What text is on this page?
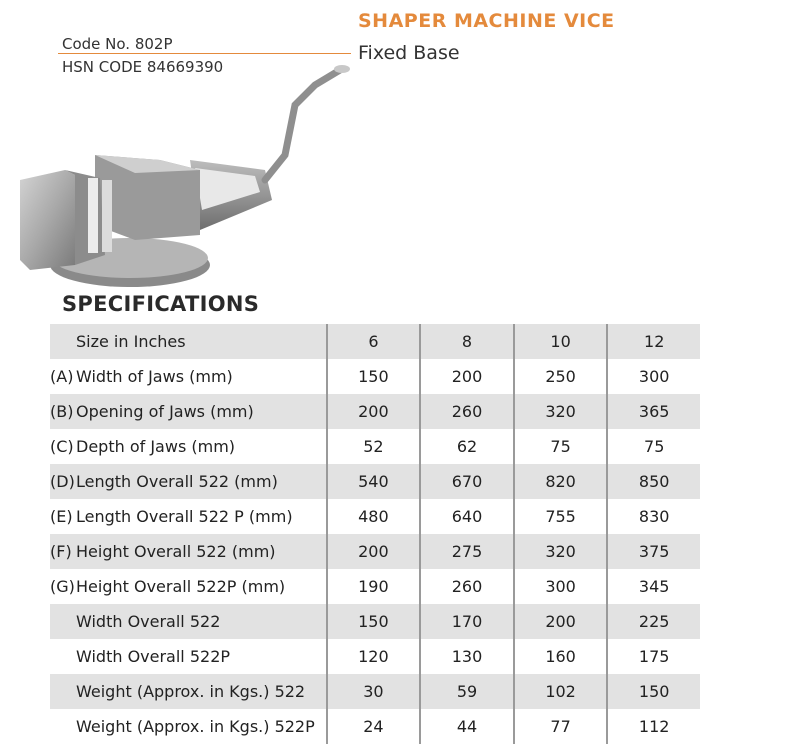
SHAPER MACHINE VICE
Fixed Base
Code No. 802P
HSN CODE 84669390
SPECIFICATIONS
Size in Inches	6	8	10	12
(A) Width of Jaws (mm)	150	200	250	300
(B) Opening of Jaws (mm)	200	260	320	365
(C) Depth of Jaws (mm)	52	62	75	75
(D)Length Overall 522 (mm)	540	670	820	850
(E) Length Overall 522 P (mm)	480	640	755	830
(F) Height Overall 522 (mm)	200	275	320	375
(G)Height Overall 522P (mm)	190	260	300	345
Width Overall 522	150	170	200	225
Width Overall 522P	120	130	160	175
Weight (Approx. in Kgs.) 522	30	59	102	150
Weight (Approx. in Kgs.) 522P	24	44	77	112
